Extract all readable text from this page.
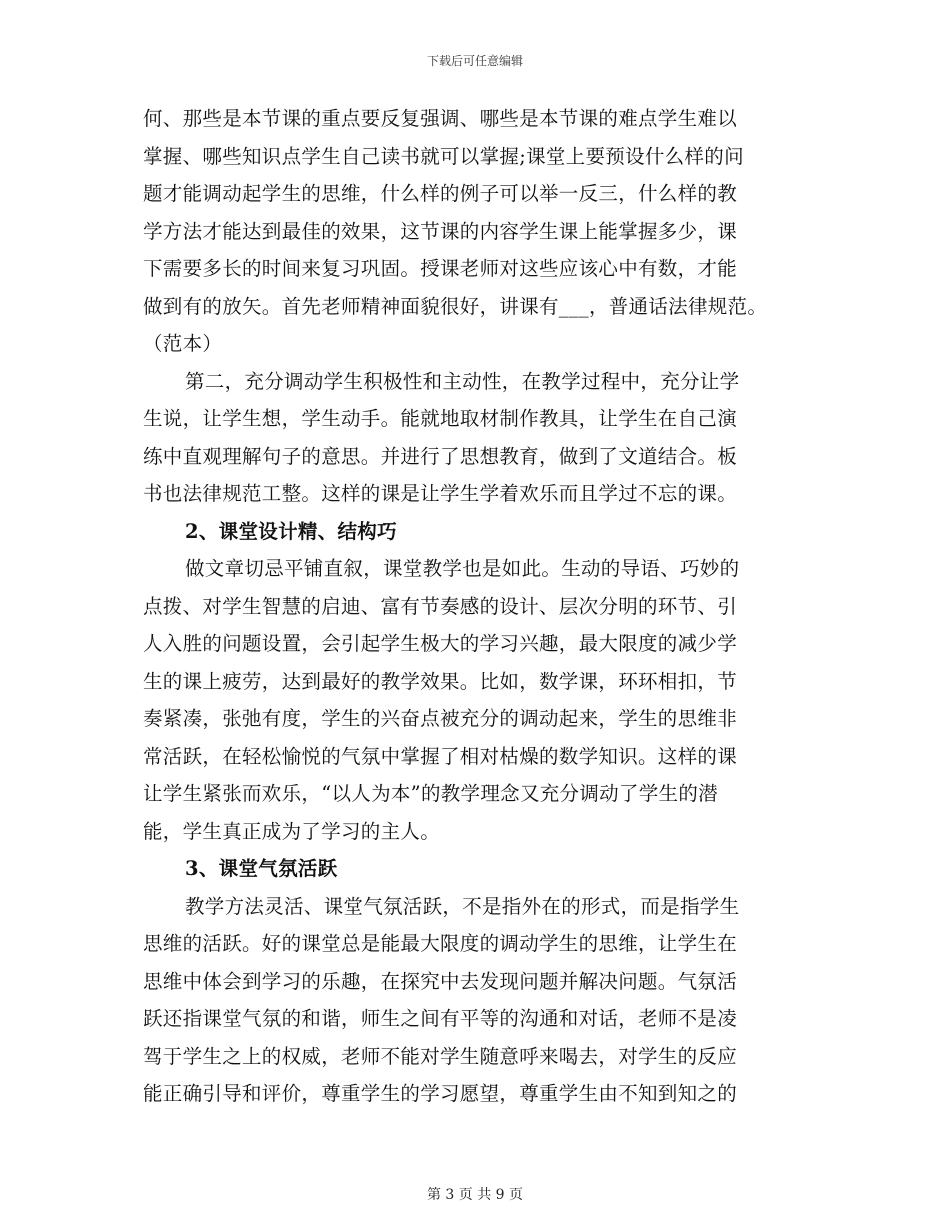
下载后可任意编辑
何、那些是本节课的重点要反复强调、哪些是本节课的难点学生难以
掌握、哪些知识点学生自己读书就可以掌握;课堂上要预设什么样的问
题才能调动起学生的思维，什么样的例子可以举一反三，什么样的教
学方法才能达到最佳的效果，这节课的内容学生课上能掌握多少，课
下需要多长的时间来复习巩固。授课老师对这些应该心中有数，才能
做到有的放矢。首先老师精神面貌很好，讲课有___，普通话法律规范。
（范本）
第二，充分调动学生积极性和主动性，在教学过程中，充分让学
生说，让学生想，学生动手。能就地取材制作教具，让学生在自己演
练中直观理解句子的意思。并进行了思想教育，做到了文道结合。板
书也法律规范工整。这样的课是让学生学着欢乐而且学过不忘的课。
2、课堂设计精、结构巧
做文章切忌平铺直叙，课堂教学也是如此。生动的导语、巧妙的
点拨、对学生智慧的启迪、富有节奏感的设计、层次分明的环节、引
人入胜的问题设置，会引起学生极大的学习兴趣，最大限度的减少学
生的课上疲劳，达到最好的教学效果。比如，数学课，环环相扣，节
奏紧凑，张弛有度，学生的兴奋点被充分的调动起来，学生的思维非
常活跃，在轻松愉悦的气氛中掌握了相对枯燥的数学知识。这样的课
让学生紧张而欢乐，“以人为本”的教学理念又充分调动了学生的潜
能，学生真正成为了学习的主人。
3、课堂气氛活跃
教学方法灵活、课堂气氛活跃，不是指外在的形式，而是指学生
思维的活跃。好的课堂总是能最大限度的调动学生的思维，让学生在
思维中体会到学习的乐趣，在探究中去发现问题并解决问题。气氛活
跃还指课堂气氛的和谐，师生之间有平等的沟通和对话，老师不是凌
驾于学生之上的权威，老师不能对学生随意呼来喝去，对学生的反应
能正确引导和评价，尊重学生的学习愿望，尊重学生由不知到知之的
第 3 页 共 9 页
